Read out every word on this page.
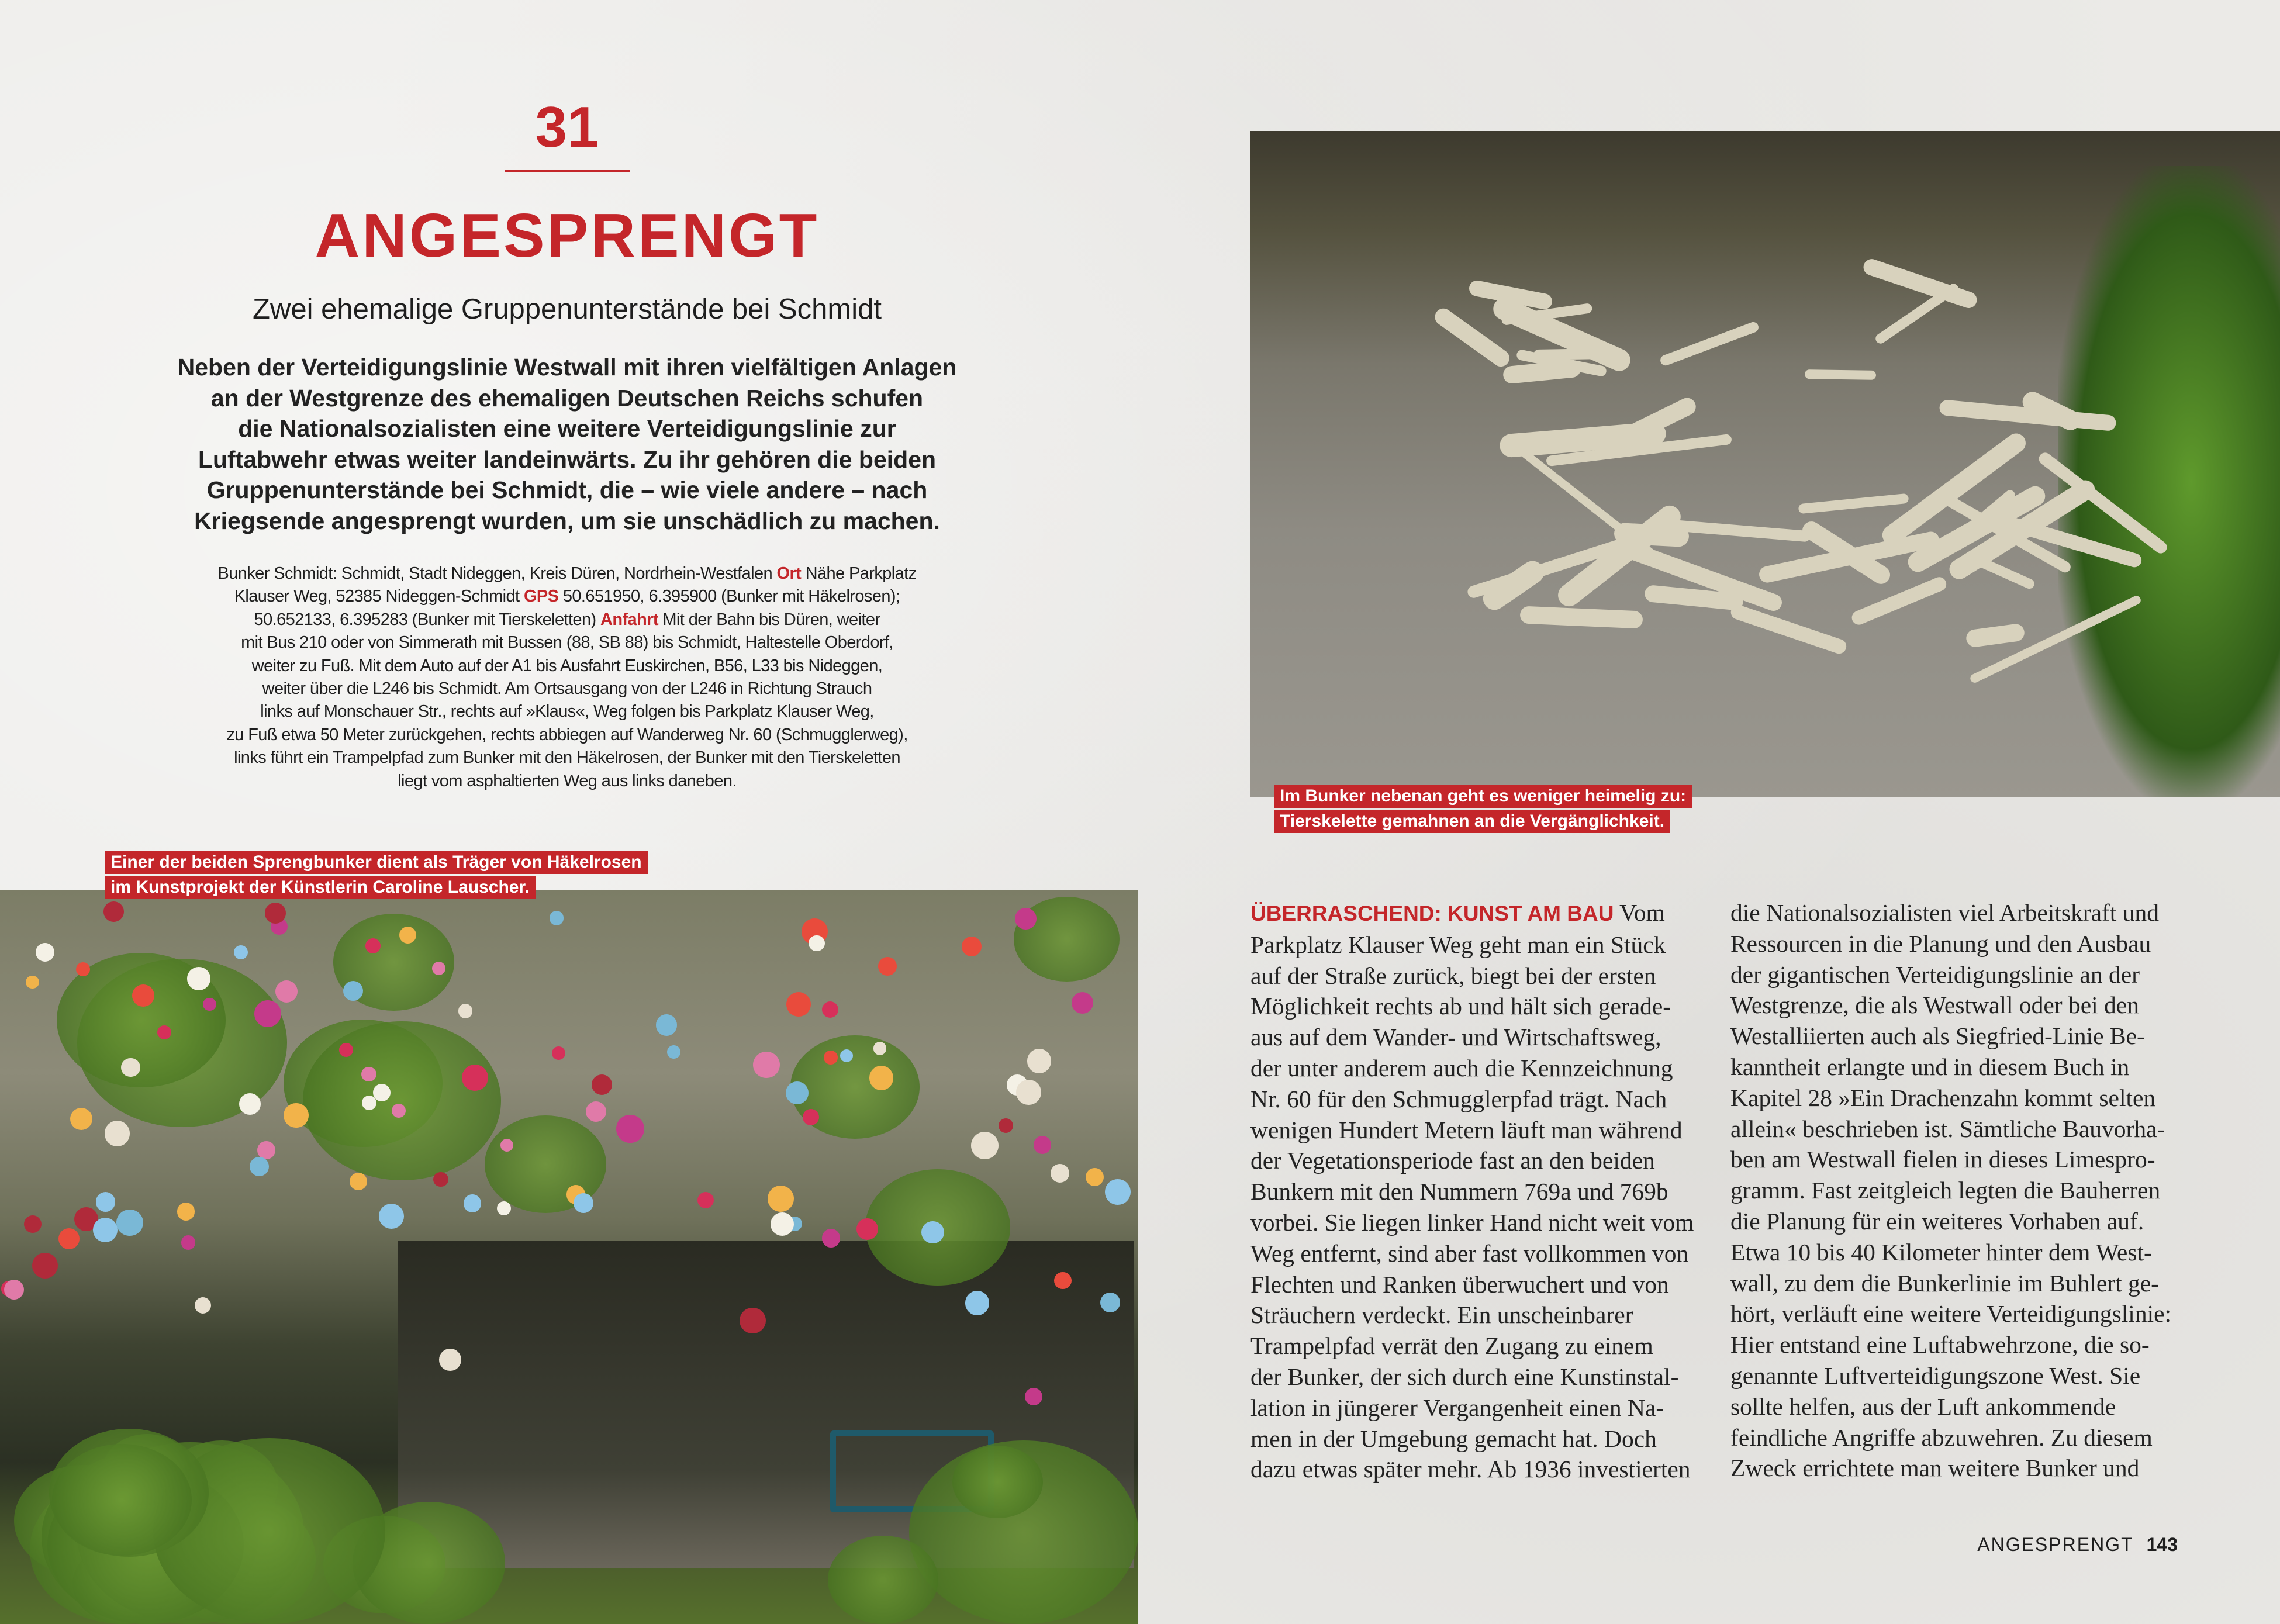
31
ANGESPRENGT
Zwei ehemalige Gruppenunterstände bei Schmidt
Neben der Verteidigungslinie Westwall mit ihren vielfältigen Anlagen
an der Westgrenze des ehemaligen Deutschen Reichs schufen
die Nationalsozialisten eine weitere Verteidigungslinie zur
Luftabwehr etwas weiter landeinwärts. Zu ihr gehören die beiden
Gruppenunterstände bei Schmidt, die – wie viele andere – nach
Kriegsende angesprengt wurden, um sie unschädlich zu machen.
Bunker Schmidt: Schmidt, Stadt Nideggen, Kreis Düren, Nordrhein-Westfalen Ort Nähe Parkplatz
Klauser Weg, 52385 Nideggen-Schmidt GPS 50.651950, 6.395900 (Bunker mit Häkelrosen);
50.652133, 6.395283 (Bunker mit Tierskeletten) Anfahrt Mit der Bahn bis Düren, weiter
mit Bus 210 oder von Simmerath mit Bussen (88, SB 88) bis Schmidt, Haltestelle Oberdorf,
weiter zu Fuß. Mit dem Auto auf der A1 bis Ausfahrt Euskirchen, B56, L33 bis Nideggen,
weiter über die L246 bis Schmidt. Am Ortsausgang von der L246 in Richtung Strauch
links auf Monschauer Str., rechts auf »Klaus«, Weg folgen bis Parkplatz Klauser Weg,
zu Fuß etwa 50 Meter zurückgehen, rechts abbiegen auf Wanderweg Nr. 60 (Schmugglerweg),
links führt ein Trampelpfad zum Bunker mit den Häkelrosen, der Bunker mit den Tierskeletten
liegt vom asphaltierten Weg aus links daneben.
Einer der beiden Sprengbunker dient als Träger von Häkelrosen
im Kunstprojekt der Künstlerin Caroline Lauscher.
Im Bunker nebenan geht es weniger heimelig zu:
Tierskelette gemahnen an die Vergänglichkeit.
ÜBERRASCHEND: KUNST AM BAU Vom
Parkplatz Klauser Weg geht man ein Stück
auf der Straße zurück, biegt bei der ersten
Möglichkeit rechts ab und hält sich gerade-
aus auf dem Wander- und Wirtschaftsweg,
der unter anderem auch die Kennzeichnung
Nr. 60 für den Schmugglerpfad trägt. Nach
wenigen Hundert Metern läuft man während
der Vegetationsperiode fast an den beiden
Bunkern mit den Nummern 769a und 769b
vorbei. Sie liegen linker Hand nicht weit vom
Weg entfernt, sind aber fast vollkommen von
Flechten und Ranken überwuchert und von
Sträuchern verdeckt. Ein unscheinbarer
Trampelpfad verrät den Zugang zu einem
der Bunker, der sich durch eine Kunstinstal-
lation in jüngerer Vergangenheit einen Na-
men in der Umgebung gemacht hat. Doch
dazu etwas später mehr. Ab 1936 investierten
die Nationalsozialisten viel Arbeitskraft und
Ressourcen in die Planung und den Ausbau
der gigantischen Verteidigungslinie an der
Westgrenze, die als Westwall oder bei den
Westalliierten auch als Siegfried-Linie Be-
kanntheit erlangte und in diesem Buch in
Kapitel 28 »Ein Drachenzahn kommt selten
allein« beschrieben ist. Sämtliche Bauvorha-
ben am Westwall fielen in dieses Limespro-
gramm. Fast zeitgleich legten die Bauherren
die Planung für ein weiteres Vorhaben auf.
Etwa 10 bis 40 Kilometer hinter dem West-
wall, zu dem die Bunkerlinie im Buhlert ge-
hört, verläuft eine weitere Verteidigungslinie:
Hier entstand eine Luftabwehrzone, die so-
genannte Luftverteidigungszone West. Sie
sollte helfen, aus der Luft ankommende
feindliche Angriffe abzuwehren. Zu diesem
Zweck errichtete man weitere Bunker und
ANGESPRENGT 143
